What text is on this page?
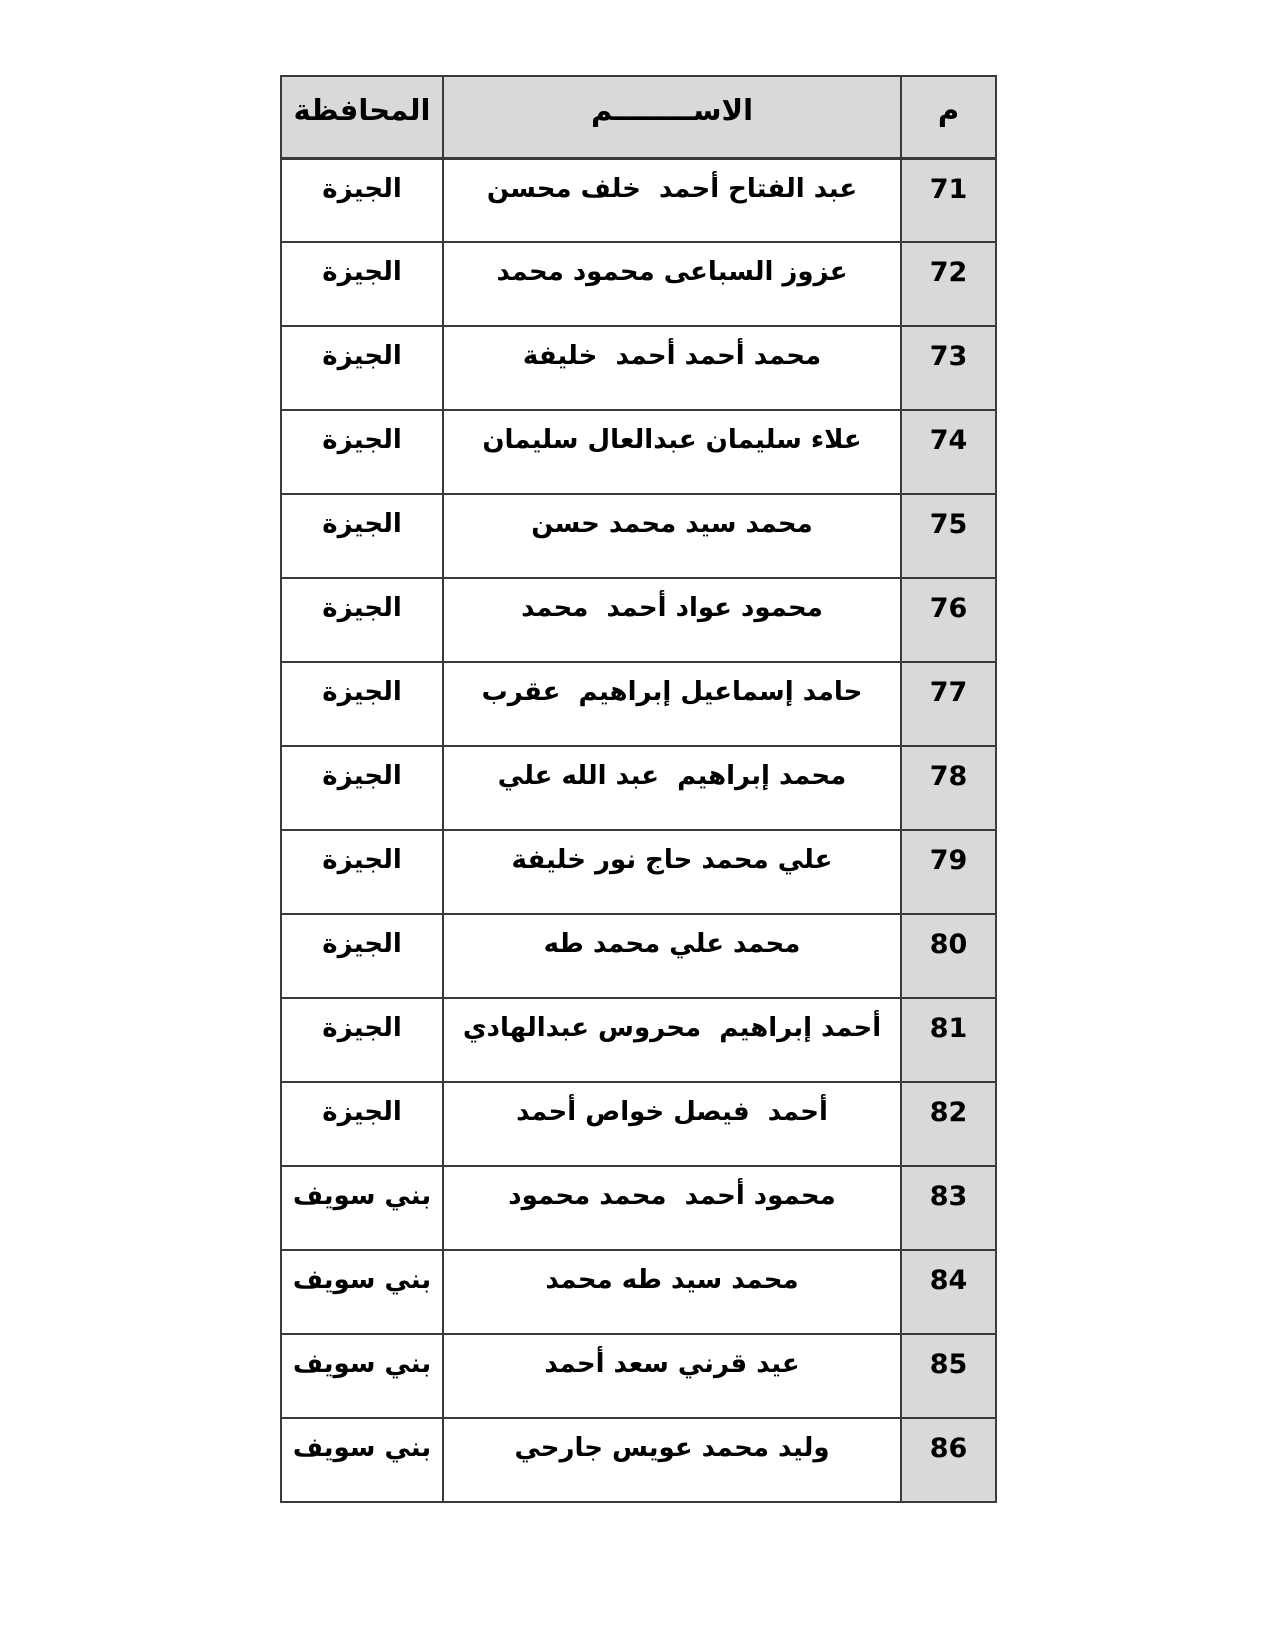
م	الاســــــــم	المحافظة
71	عبد الفتاح أحمد  خلف محسن	الجيزة
72	عزوز السباعى محمود محمد	الجيزة
73	محمد أحمد أحمد  خليفة	الجيزة
74	علاء سليمان عبدالعال سليمان	الجيزة
75	محمد سيد محمد حسن	الجيزة
76	محمود عواد أحمد  محمد	الجيزة
77	حامد إسماعيل إبراهيم  عقرب	الجيزة
78	محمد إبراهيم  عبد الله علي	الجيزة
79	علي محمد حاج نور خليفة	الجيزة
80	محمد علي محمد طه	الجيزة
81	أحمد إبراهيم  محروس عبدالهادي	الجيزة
82	أحمد  فيصل خواص أحمد	الجيزة
83	محمود أحمد  محمد محمود	بني سويف
84	محمد سيد طه محمد	بني سويف
85	عيد قرني سعد أحمد	بني سويف
86	وليد محمد عويس جارحي	بني سويف
